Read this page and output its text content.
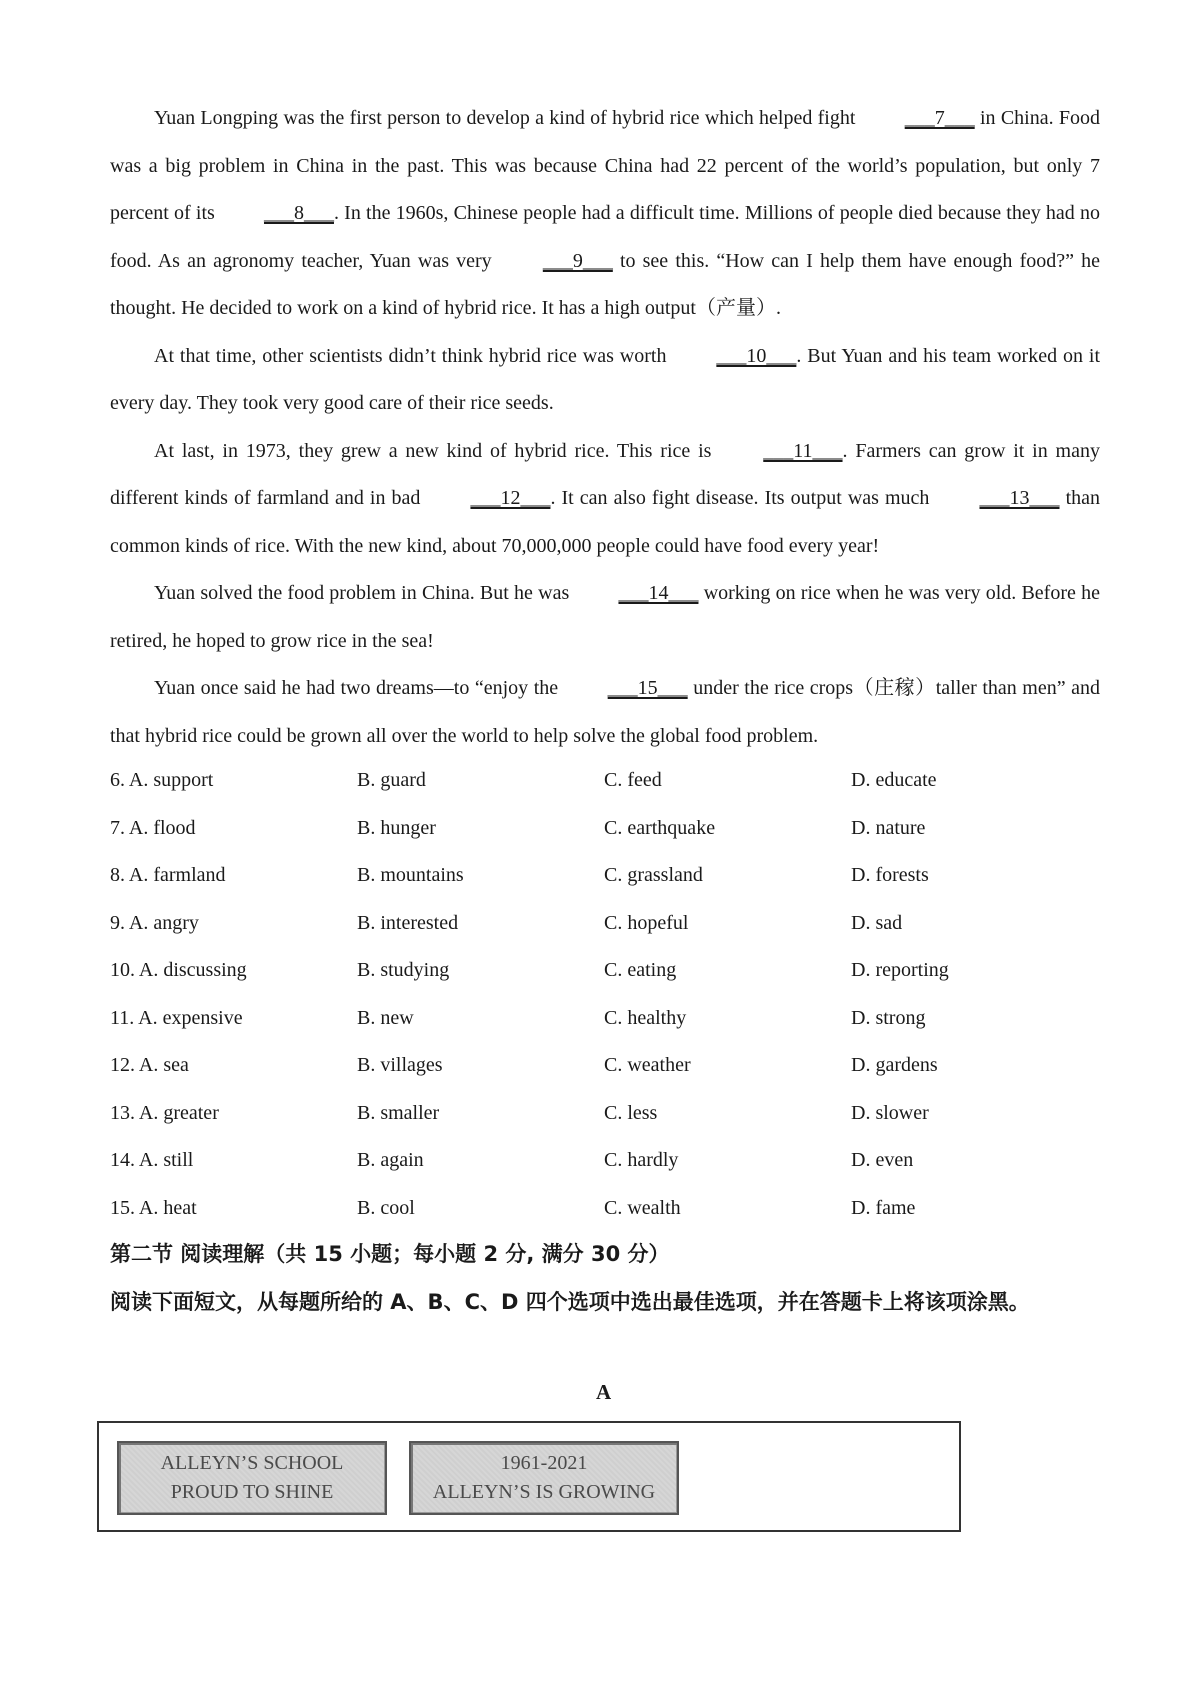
Yuan Longping was the first person to develop a kind of hybrid rice which helped fight ___7___ in China. Food was a big problem in China in the past. This was because China had 22 percent of the world’s population, but only 7 percent of its ___8___. In the 1960s, Chinese people had a difficult time. Millions of people died because they had no food. As an agronomy teacher, Yuan was very ___9___ to see this. “How can I help them have enough food?” he thought. He decided to work on a kind of hybrid rice. It has a high output（产量）.

At that time, other scientists didn’t think hybrid rice was worth ___10___. But Yuan and his team worked on it every day. They took very good care of their rice seeds.

At last, in 1973, they grew a new kind of hybrid rice. This rice is ___11___. Farmers can grow it in many different kinds of farmland and in bad ___12___. It can also fight disease. Its output was much ___13___ than common kinds of rice. With the new kind, about 70,000,000 people could have food every year!

Yuan solved the food problem in China. But he was ___14___ working on rice when he was very old. Before he retired, he hoped to grow rice in the sea!

Yuan once said he had two dreams—to “enjoy the ___15___ under the rice crops（庄稼）taller than men” and that hybrid rice could be grown all over the world to help solve the global food problem.

6. A. support	B. guard	C. feed	D. educate
7. A. flood	B. hunger	C. earthquake	D. nature
8. A. farmland	B. mountains	C. grassland	D. forests
9. A. angry	B. interested	C. hopeful	D. sad
10. A. discussing	B. studying	C. eating	D. reporting
11. A. expensive	B. new	C. healthy	D. strong
12. A. sea	B. villages	C. weather	D. gardens
13. A. greater	B. smaller	C. less	D. slower
14. A. still	B. again	C. hardly	D. even
15. A. heat	B. cool	C. wealth	D. fame

第二节 阅读理解（共 15 小题；每小题 2 分, 满分 30 分）

阅读下面短文，从每题所给的 A、B、C、D 四个选项中选出最佳选项，并在答题卡上将该项涂黑。

A
ALLEYN’S SCHOOL
PROUD TO SHINE
1961-2021
ALLEYN’S IS GROWING
